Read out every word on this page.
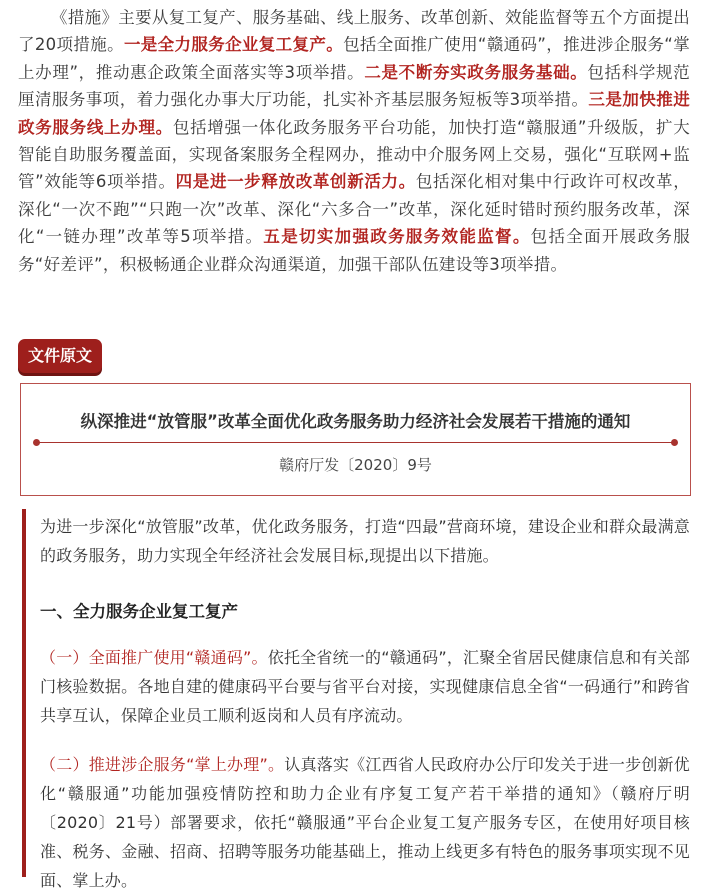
《措施》主要从复工复产、服务基础、线上服务、改革创新、效能监督等五个方面提出了20项措施。一是全力服务企业复工复产。包括全面推广使用“赣通码”，推进涉企服务“掌上办理”，推动惠企政策全面落实等3项举措。二是不断夯实政务服务基础。包括科学规范厘清服务事项，着力强化办事大厅功能，扎实补齐基层服务短板等3项举措。三是加快推进政务服务线上办理。包括增强一体化政务服务平台功能，加快打造“赣服通”升级版，扩大智能自助服务覆盖面，实现备案服务全程网办，推动中介服务网上交易，强化“互联网+监管”效能等6项举措。四是进一步释放改革创新活力。包括深化相对集中行政许可权改革，深化“一次不跑”“只跑一次”改革、深化“六多合一”改革，深化延时错时预约服务改革，深化“一链办理”改革等5项举措。五是切实加强政务服务效能监督。包括全面开展政务服务“好差评”，积极畅通企业群众沟通渠道，加强干部队伍建设等3项举措。

文件原文
纵深推进“放管服”改革全面优化政务服务助力经济社会发展若干措施的通知
赣府厅发〔2020〕9号

为进一步深化“放管服”改革，优化政务服务，打造“四最”营商环境，建设企业和群众最满意的政务服务，助力实现全年经济社会发展目标,现提出以下措施。

一、全力服务企业复工复产

（一）全面推广使用“赣通码”。依托全省统一的“赣通码”，汇聚全省居民健康信息和有关部门核验数据。各地自建的健康码平台要与省平台对接，实现健康信息全省“一码通行”和跨省共享互认，保障企业员工顺利返岗和人员有序流动。

（二）推进涉企服务“掌上办理”。认真落实《江西省人民政府办公厅印发关于进一步创新优化“赣服通”功能加强疫情防控和助力企业有序复工复产若干举措的通知》（赣府厅明〔2020〕21号）部署要求，依托“赣服通”平台企业复工复产服务专区，在使用好项目核准、税务、金融、招商、招聘等服务功能基础上，推动上线更多有特色的服务事项实现不见面、掌上办。
